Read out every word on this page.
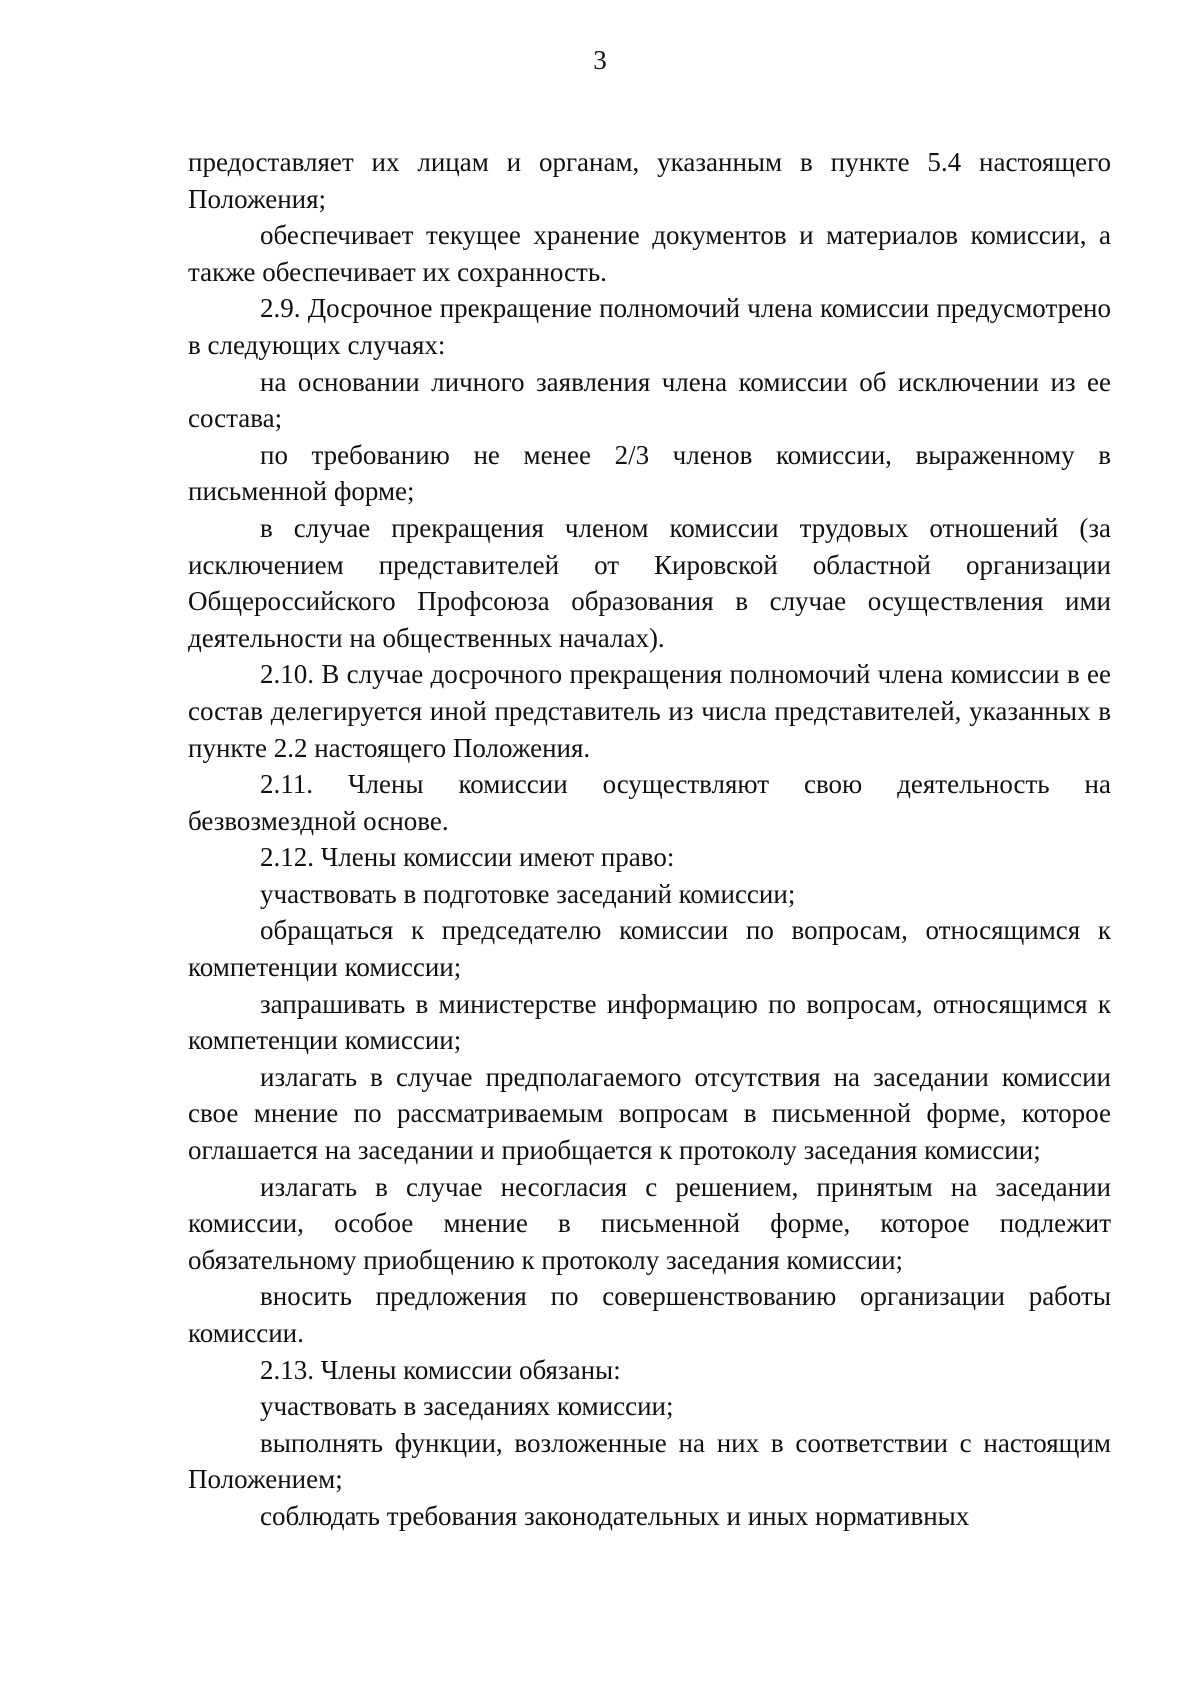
3

предоставляет их лицам и органам, указанным в пункте 5.4 настоящего Положения;

обеспечивает текущее хранение документов и материалов комиссии, а также обеспечивает их сохранность.

2.9. Досрочное прекращение полномочий члена комиссии предусмотрено в следующих случаях:

на основании личного заявления члена комиссии об исключении из ее состава;

по требованию не менее 2/3 членов комиссии, выраженному в письменной форме;

в случае прекращения членом комиссии трудовых отношений (за исключением представителей от Кировской областной организации Общероссийского Профсоюза образования в случае осуществления ими деятельности на общественных началах).

2.10. В случае досрочного прекращения полномочий члена комиссии в ее состав делегируется иной представитель из числа представителей, указанных в пункте 2.2 настоящего Положения.

2.11. Члены комиссии осуществляют свою деятельность на безвозмездной основе.

2.12. Члены комиссии имеют право:

участвовать в подготовке заседаний комиссии;

обращаться к председателю комиссии по вопросам, относящимся к компетенции комиссии;

запрашивать в министерстве информацию по вопросам, относящимся к компетенции комиссии;

излагать в случае предполагаемого отсутствия на заседании комиссии свое мнение по рассматриваемым вопросам в письменной форме, которое оглашается на заседании и приобщается к протоколу заседания комиссии;

излагать в случае несогласия с решением, принятым на заседании комиссии, особое мнение в письменной форме, которое подлежит обязательному приобщению к протоколу заседания комиссии;

вносить предложения по совершенствованию организации работы комиссии.

2.13. Члены комиссии обязаны:

участвовать в заседаниях комиссии;

выполнять функции, возложенные на них в соответствии с настоящим Положением;

соблюдать требования законодательных и иных нормативных
